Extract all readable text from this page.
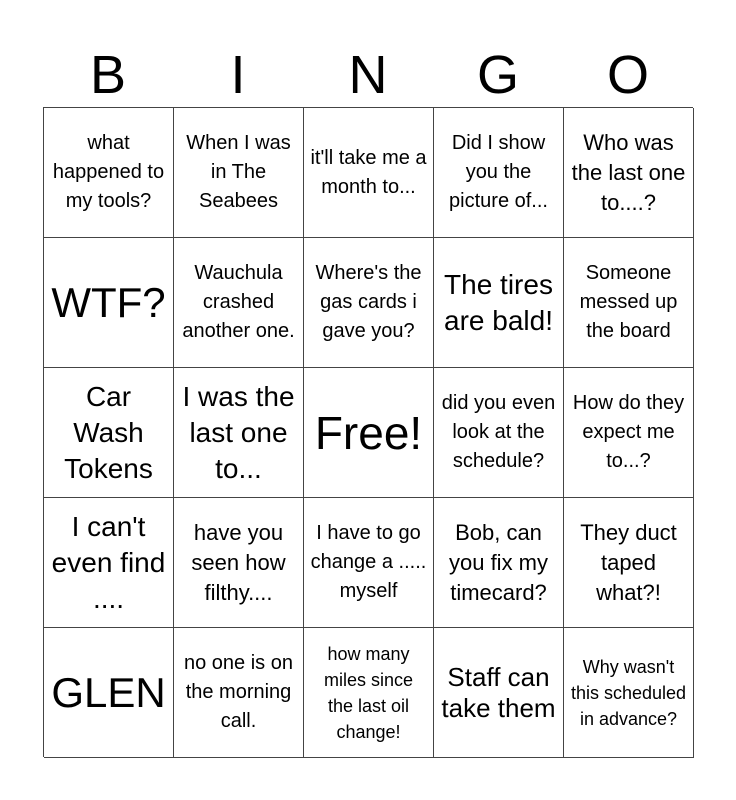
B	I	N	G	O
what happened to my tools?
When I was in The Seabees
it'll take me a month to...
Did I show you the picture of...
Who was the last one to....?
WTF?
Wauchula crashed another one.
Where's the gas cards i gave you?
The tires are bald!
Someone messed up the board
Car Wash Tokens
I was the last one to...
Free!
did you even look at the schedule?
How do they expect me to...?
I can't even find ....
have you seen how filthy....
I have to go change a ..... myself
Bob, can you fix my timecard?
They duct taped what?!
GLEN
no one is on the morning call.
how many miles since the last oil change!
Staff can take them
Why wasn't this scheduled in advance?
